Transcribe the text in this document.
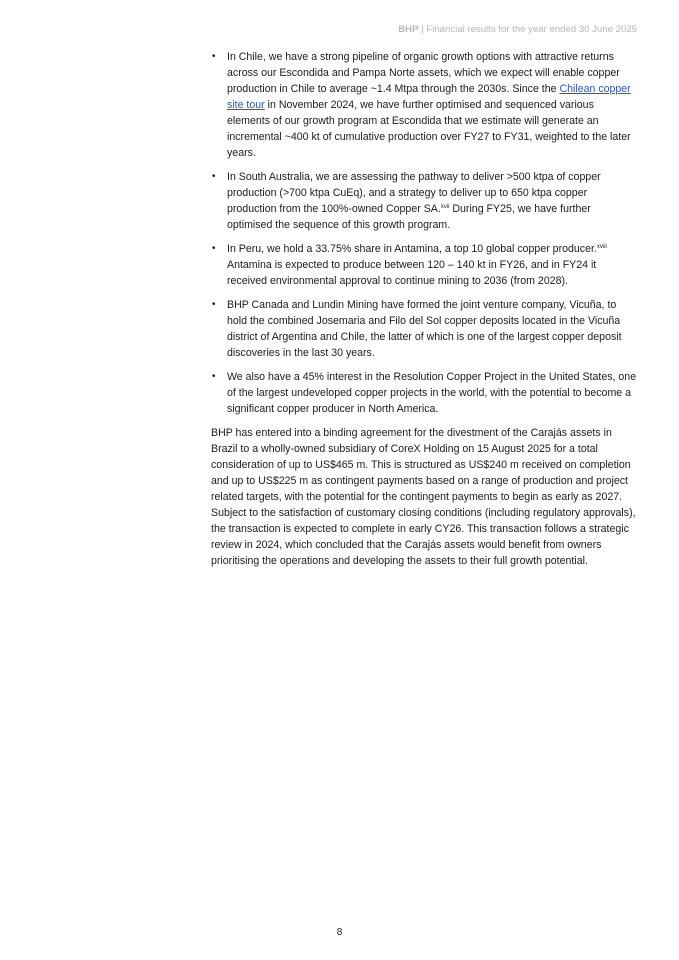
BHP | Financial results for the year ended 30 June 2025
• In Chile, we have a strong pipeline of organic growth options with attractive returns across our Escondida and Pampa Norte assets, which we expect will enable copper production in Chile to average ~1.4 Mtpa through the 2030s. Since the Chilean copper site tour in November 2024, we have further optimised and sequenced various elements of our growth program at Escondida that we estimate will generate an incremental ~400 kt of cumulative production over FY27 to FY31, weighted to the later years.
• In South Australia, we are assessing the pathway to deliver >500 ktpa of copper production (>700 ktpa CuEq), and a strategy to deliver up to 650 ktpa copper production from the 100%-owned Copper SA.$^{xvii}$ During FY25, we have further optimised the sequence of this growth program.
• In Peru, we hold a 33.75% share in Antamina, a top 10 global copper producer.$^{xviii}$ Antamina is expected to produce between 120 – 140 kt in FY26, and in FY24 it received environmental approval to continue mining to 2036 (from 2028).
• BHP Canada and Lundin Mining have formed the joint venture company, Vicuña, to hold the combined Josemaria and Filo del Sol copper deposits located in the Vicuña district of Argentina and Chile, the latter of which is one of the largest copper deposit discoveries in the last 30 years.
• We also have a 45% interest in the Resolution Copper Project in the United States, one of the largest undeveloped copper projects in the world, with the potential to become a significant copper producer in North America.

BHP has entered into a binding agreement for the divestment of the Carajás assets in Brazil to a wholly-owned subsidiary of CoreX Holding on 15 August 2025 for a total consideration of up to US$465 m. This is structured as US$240 m received on completion and up to US$225 m as contingent payments based on a range of production and project related targets, with the potential for the contingent payments to begin as early as 2027. Subject to the satisfaction of customary closing conditions (including regulatory approvals), the transaction is expected to complete in early CY26. This transaction follows a strategic review in 2024, which concluded that the Carajás assets would benefit from owners prioritising the operations and developing the assets to their full growth potential.

8
